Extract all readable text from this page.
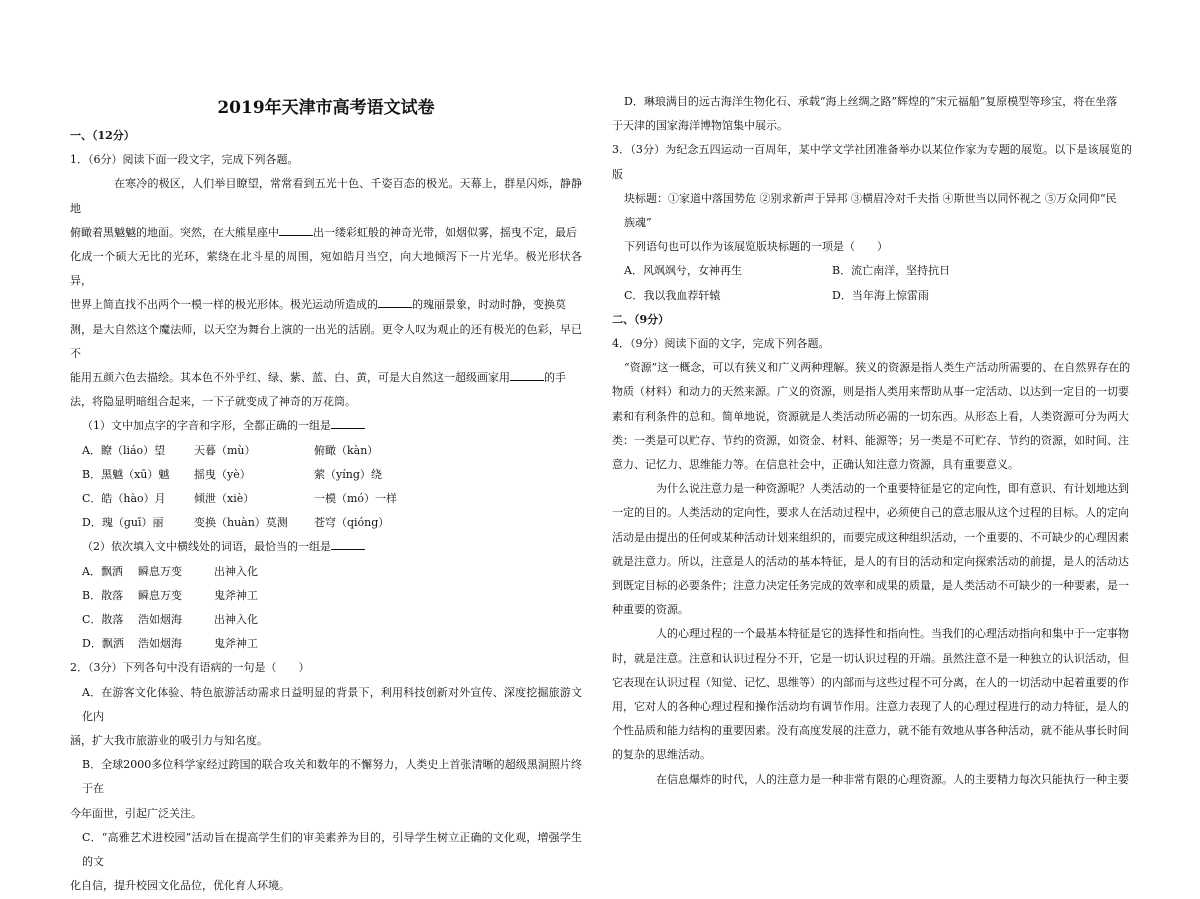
2019年天津市高考语文试卷

一、（12分）

1．（6分）阅读下面一段文字，完成下列各题。

在寒冷的极区，人们举目瞭望，常常看到五光十色、千姿百态的极光。天幕上，群星闪烁，静静地

俯瞰着黑魆魆的地面。突然，在大熊星座中	出一缕彩虹般的神奇光带，如烟似雾，摇曳不定，最后

化成一个硕大无比的光环，萦绕在北斗星的周围，宛如皓月当空，向大地倾泻下一片光华。极光形状各异，

世界上简直找不出两个一模一样的极光形体。极光运动所造成的	的瑰丽景象，时动时静，变换莫

测，是大自然这个魔法师，以天空为舞台上演的一出光的活剧。更令人叹为观止的还有极光的色彩，早已不

能用五颜六色去描绘。其本色不外乎红、绿、紫、蓝、白、黄，可是大自然这一超级画家用	的手

法，将隐显明暗组合起来，一下子就变成了神奇的万花筒。

（1）文中加点字的字音和字形，全都正确的一组是

A．瞭（liáo）望	天暮（mù）	俯瞰（kàn）
B．黑魆（xū）魆	摇曳（yè）	萦（yíng）绕
C．皓（hào）月	倾泄（xiè）	一模（mó）一样
D．瑰（guī）丽	变换（huàn）莫测	苍穹（qióng）

（2）依次填入文中横线处的词语，最恰当的一组是

A．飘洒	瞬息万变	出神入化
B．散落	瞬息万变	鬼斧神工
C．散落	浩如烟海	出神入化
D．飘洒	浩如烟海	鬼斧神工

2．（3分）下列各句中没有语病的一句是（　　）

A．在游客文化体验、特色旅游活动需求日益明显的背景下，利用科技创新对外宣传、深度挖掘旅游文化内

涵，扩大我市旅游业的吸引力与知名度。

B．全球2000多位科学家经过跨国的联合攻关和数年的不懈努力，人类史上首张清晰的超级黑洞照片终于在

今年面世，引起广泛关注。

C．“高雅艺术进校园”活动旨在提高学生们的审美素养为目的，引导学生树立正确的文化观，增强学生的文

化自信，提升校园文化品位，优化育人环境。

D．琳琅满目的远古海洋生物化石、承载“海上丝绸之路”辉煌的“宋元福船”复原模型等珍宝，将在坐落

于天津的国家海洋博物馆集中展示。

3．（3分）为纪念五四运动一百周年，某中学文学社团准备举办以某位作家为专题的展览。以下是该展览的版

块标题：①家道中落国势危 ②别求新声于异邦 ③横眉冷对千夫指 ④斯世当以同怀视之 ⑤万众同仰“民

族魂”

下列语句也可以作为该展览版块标题的一项是（　　）

A．风飒飒兮，女神再生	B．流亡南洋，坚持抗日
C．我以我血荐轩辕	D．当年海上惊雷雨

二、（9分）

4．（9分）阅读下面的文字，完成下列各题。

“资源”这一概念，可以有狭义和广义两种理解。狭义的资源是指人类生产活动所需要的、在自然界存在的

物质（材料）和动力的天然来源。广义的资源，则是指人类用来帮助从事一定活动、以达到一定目的一切要

素和有利条件的总和。简单地说，资源就是人类活动所必需的一切东西。从形态上看，人类资源可分为两大

类：一类是可以贮存、节约的资源，如资金、材料、能源等；另一类是不可贮存、节约的资源，如时间、注

意力、记忆力、思维能力等。在信息社会中，正确认知注意力资源，具有重要意义。

为什么说注意力是一种资源呢？人类活动的一个重要特征是它的定向性，即有意识、有计划地达到

一定的目的。人类活动的定向性，要求人在活动过程中，必须使自己的意志服从这个过程的目标。人的定向

活动是由提出的任何或某种活动计划来组织的，而要完成这种组织活动，一个重要的、不可缺少的心理因素

就是注意力。所以，注意是人的活动的基本特征，是人的有目的活动和定向探索活动的前提，是人的活动达

到既定目标的必要条件；注意力决定任务完成的效率和成果的质量，是人类活动不可缺少的一种要素，是一

种重要的资源。

人的心理过程的一个最基本特征是它的选择性和指向性。当我们的心理活动指向和集中于一定事物

时，就是注意。注意和认识过程分不开，它是一切认识过程的开端。虽然注意不是一种独立的认识活动，但

它表现在认识过程（知觉、记忆、思维等）的内部而与这些过程不可分离，在人的一切活动中起着重要的作

用，它对人的各种心理过程和操作活动均有调节作用。注意力表现了人的心理过程进行的动力特征，是人的

个性品质和能力结构的重要因素。没有高度发展的注意力，就不能有效地从事各种活动，就不能从事长时间

的复杂的思维活动。

在信息爆炸的时代，人的注意力是一种非常有限的心理资源。人的主要精力每次只能执行一种主要
